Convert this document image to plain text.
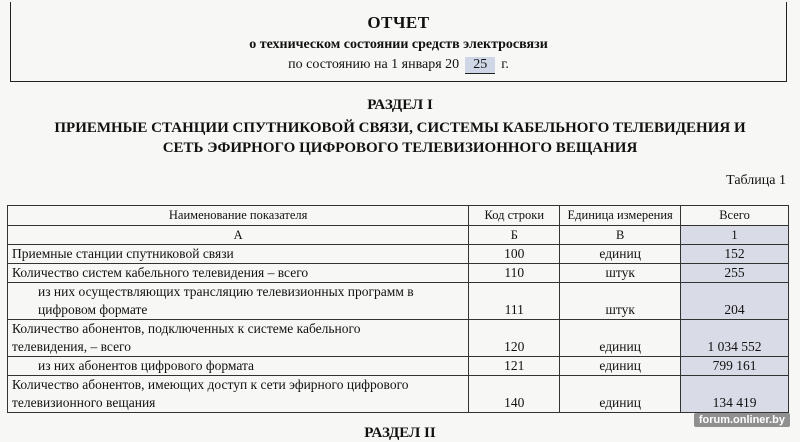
ОТЧЕТ
о техническом состоянии средств электросвязи
по состоянию на 1 января 20 25 г.
РАЗДЕЛ I
ПРИЕМНЫЕ СТАНЦИИ СПУТНИКОВОЙ СВЯЗИ, СИСТЕМЫ КАБЕЛЬНОГО ТЕЛЕВИДЕНИЯ И
СЕТЬ ЭФИРНОГО ЦИФРОВОГО ТЕЛЕВИЗИОННОГО ВЕЩАНИЯ
Таблица 1
Наименование показателя	Код строки	Единица измерения	Всего
А	Б	В	1

Приемные станции спутниковой связи	100	единиц	152

Количество систем кабельного телевидения – всего	110	штук	255

из них осуществляющих трансляцию телевизионных программ в
цифровом формате	111	штук	204

Количество абонентов, подключенных к системе кабельного
телевидения, – всего	120	единиц	1 034 552

из них абонентов цифрового формата	121	единиц	799 161

Количество абонентов, имеющих доступ к сети эфирного цифрового
телевизионного вещания	140	единиц	134 419
РАЗДЕЛ II
forum.onliner.by
